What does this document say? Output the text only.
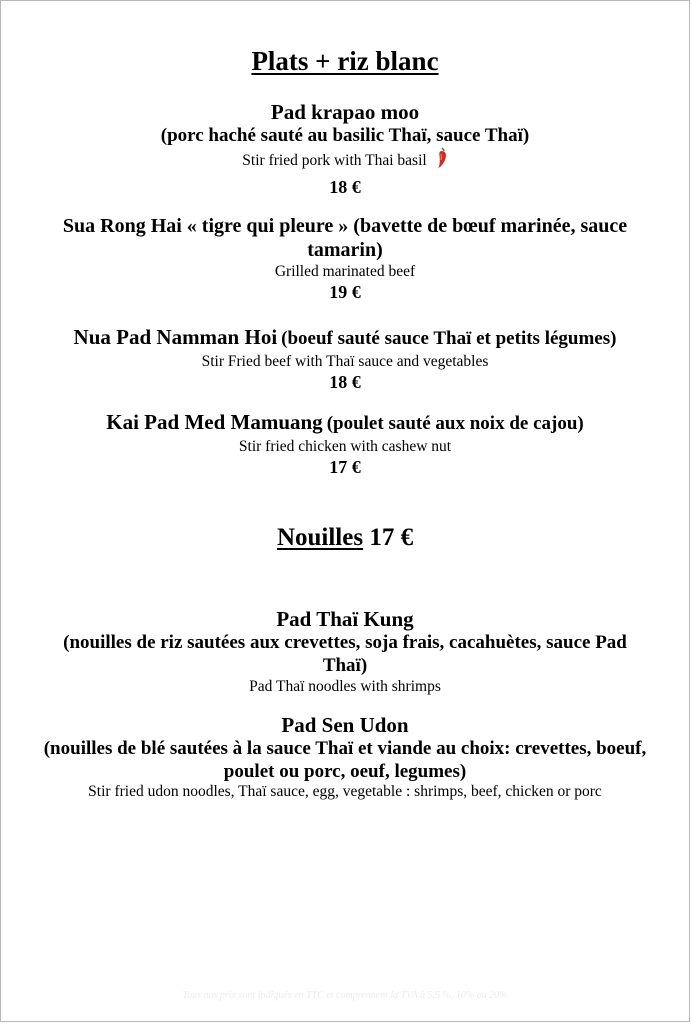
Plats + riz blanc
Pad krapao moo
(porc haché sauté au basilic Thaï, sauce Thaï)
Stir fried pork with Thai basil
18 €
Sua Rong Hai « tigre qui pleure » (bavette de bœuf marinée, sauce tamarin)
Grilled marinated beef
19 €
Nua Pad Namman Hoi (boeuf sauté sauce Thaï et petits légumes)
Stir Fried beef with Thaï sauce and vegetables
18 €
Kai Pad Med Mamuang (poulet sauté aux noix de cajou)
Stir fried chicken with cashew nut
17 €
Nouilles 17 €
Pad Thaï Kung
(nouilles de riz sautées aux crevettes, soja frais, cacahuètes, sauce Pad Thaï)
Pad Thaï noodles with shrimps
Pad Sen Udon
(nouilles de blé sautées à la sauce Thaï et viande au choix: crevettes, boeuf, poulet ou porc, oeuf, legumes)
Stir fried udon noodles, Thaï sauce, egg, vegetable : shrimps, beef, chicken or porc
Tous nos prix sont indiqués en TTC et comprennent la TVA à 5,5 %, 10% ou 20%
